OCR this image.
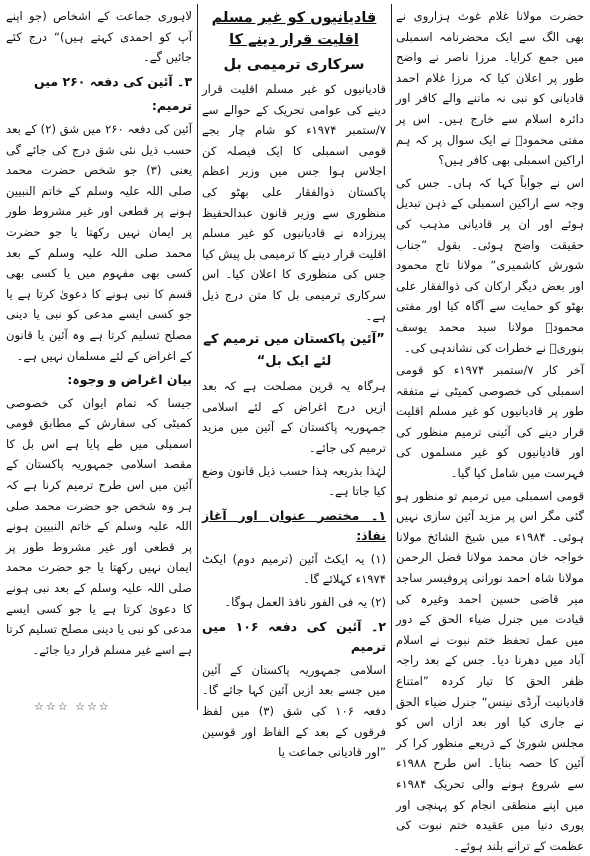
حضرت مولانا غلام غوث ہزاروی نے بھی الگ سے ایک محضرنامہ اسمبلی میں جمع کرایا۔ مرزا ناصر نے واضح طور پر اعلان کیا کہ مرزا غلام احمد قادیانی کو نبی نہ ماننے والے کافر اور دائرہ اسلام سے خارج ہیں۔ اس پر مفتی محمودؒ نے ایک سوال پر کہ ہم اراکین اسمبلی بھی کافر ہیں؟

اس نے جواباً کہا کہ ہاں۔ جس کی وجہ سے اراکین اسمبلی کے ذہن تبدیل ہوئے اور ان پر قادیانی مذہب کی حقیقت واضح ہوئی۔ بقول ”جناب شورش کاشمیری“ مولانا تاج محمود اور بعض دیگر ارکان کی ذوالفقار علی بھٹو کو حمایت سے آگاہ کیا اور مفتی محمودؒ مولانا سید محمد یوسف بنوریؒ نے خطرات کی نشاندہی کی۔

آخر کار ۷/ستمبر ۱۹۷۴ء کو قومی اسمبلی کی خصوصی کمیٹی نے متفقہ طور پر قادیانیوں کو غیر مسلم اقلیت قرار دینے کی آئینی ترمیم منظور کی اور قادیانیوں کو غیر مسلموں کی فہرست میں شامل کیا گیا۔

قومی اسمبلی میں ترمیم تو منظور ہو گئی مگر اس پر مزید آئین سازی نہیں ہوئی۔ ۱۹۸۴ء میں شیخ الشائخ مولانا خواجہ خان محمد مولانا فضل الرحمن مولانا شاہ احمد نورانی پروفیسر ساجد میر قاضی حسین احمد وغیرہ کی قیادت میں جنرل ضیاء الحق کے دور میں عمل تحفظ ختم نبوت نے اسلام آباد میں دھرنا دیا۔ جس کے بعد راجہ ظفر الحق کا تیار کردہ ”امتناع قادیانیت آرڈی نینس“ جنرل ضیاء الحق نے جاری کیا اور بعد ازاں اس کو مجلس شوریٰ کے ذریعے منظور کرا کر آئین کا حصہ بنایا۔ اس طرح ۱۹۸۸ء سے شروع ہونے والی تحریک ۱۹۸۴ء میں اپنے منطقی انجام کو پہنچی اور پوری دنیا میں عقیدہ ختم نبوت کی عظمت کے ترانے بلند ہوئے۔

قادیانیوں کو غیر مسلم اقلیت قرار دینے کا
سرکاری ترمیمی بل

قادیانیوں کو غیر مسلم اقلیت قرار دینے کی عوامی تحریک کے حوالے سے ۷/ستمبر ۱۹۷۴ء کو شام چار بجے قومی اسمبلی کا ایک فیصلہ کن اجلاس ہوا جس میں وزیر اعظم پاکستان ذوالفقار علی بھٹو کی منظوری سے وزیر قانون عبدالحفیظ پیرزادہ نے قادیانیوں کو غیر مسلم اقلیت قرار دینے کا ترمیمی بل پیش کیا جس کی منظوری کا اعلان کیا۔ اس سرکاری ترمیمی بل کا متن درج ذیل ہے۔

”آئین پاکستان میں ترمیم کے لئے ایک بل“

ہرگاہ یہ قرین مصلحت ہے کہ بعد ازیں درج اغراض کے لئے اسلامی جمہوریہ پاکستان کے آئین میں مزید ترمیم کی جائے۔

لہٰذا بذریعہ ہٰذا حسب ذیل قانون وضع کیا جاتا ہے۔

۱۔ مختصر عنوان اور آغاز نفاذ:

(۱) یہ ایکٹ آئین (ترمیم دوم) ایکٹ ۱۹۷۴ء کہلائے گا۔

(۲) یہ فی الفور نافذ العمل ہوگا۔

۲۔ آئین کی دفعہ ۱۰۶ میں ترمیم

اسلامی جمہوریہ پاکستان کے آئین میں جسے بعد ازیں آئین کہا جائے گا۔ دفعہ ۱۰۶ کی شق (۳) میں لفظ فرقوں کے بعد کے الفاظ اور قوسین ”اور قادیانی جماعت یا

لاہوری جماعت کے اشخاص (جو اپنے آپ کو احمدی کہتے ہیں)“ درج کئے جائیں گے۔

۳۔ آئین کی دفعہ ۲۶۰ میں
ترمیم:

آئین کی دفعہ ۲۶۰ میں شق (۲) کے بعد حسب ذیل نئی شق درج کی جائے گی یعنی (۳) جو شخص حضرت محمد صلی اللہ علیہ وسلم کے خاتم النبیین ہونے پر قطعی اور غیر مشروط طور پر ایمان نہیں رکھتا یا جو حضرت محمد صلی اللہ علیہ وسلم کے بعد کسی بھی مفہوم میں یا کسی بھی قسم کا نبی ہونے کا دعویٰ کرتا ہے یا جو کسی ایسے مدعی کو نبی یا دینی مصلح تسلیم کرتا ہے وہ آئین یا قانون کے اغراض کے لئے مسلمان نہیں ہے۔

بیان اغراض و وجوہ:

جیسا کہ تمام ایوان کی خصوصی کمیٹی کی سفارش کے مطابق قومی اسمبلی میں طے پایا ہے اس بل کا مقصد اسلامی جمہوریہ پاکستان کے آئین میں اس طرح ترمیم کرنا ہے کہ ہر وہ شخص جو حضرت محمد صلی اللہ علیہ وسلم کے خاتم النبیین ہونے پر قطعی اور غیر مشروط طور پر ایمان نہیں رکھتا یا جو حضرت محمد صلی اللہ علیہ وسلم کے بعد نبی ہونے کا دعویٰ کرتا ہے یا جو کسی ایسے مدعی کو نبی یا دینی مصلح تسلیم کرتا ہے اسے غیر مسلم قرار دیا جائے۔

☆☆☆ ☆☆☆
